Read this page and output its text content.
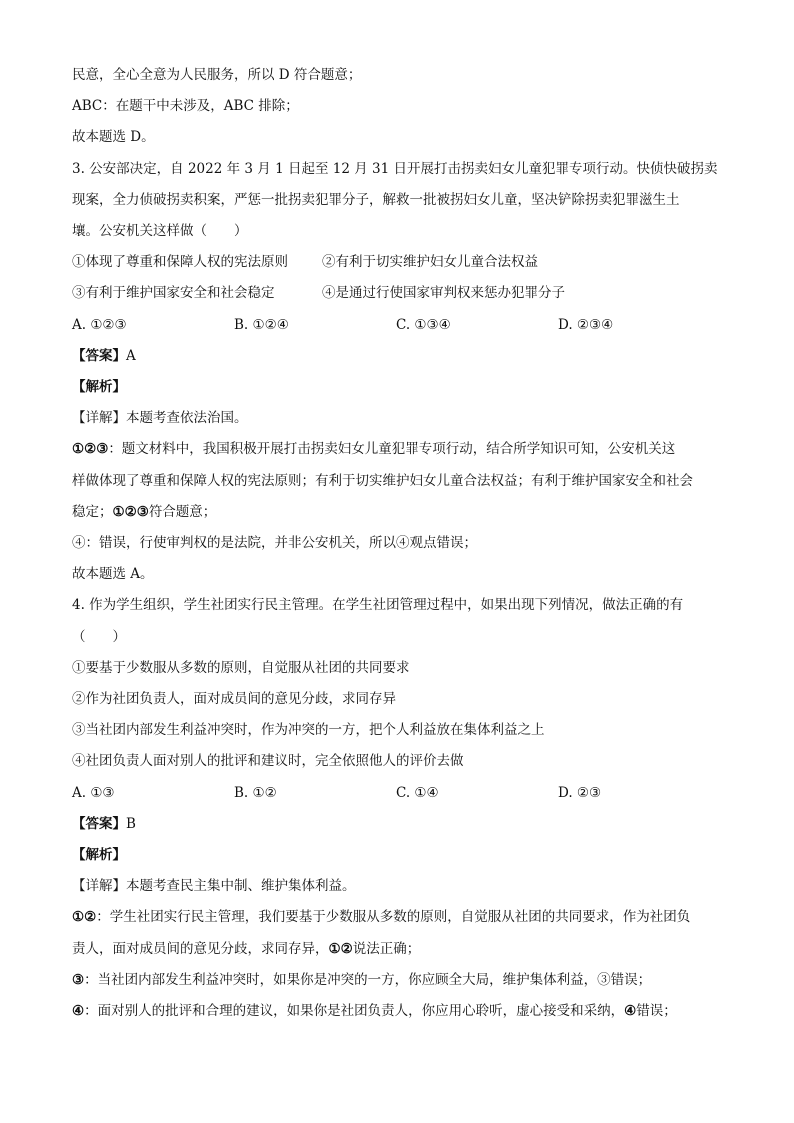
民意，全心全意为人民服务，所以 D 符合题意；
ABC：在题干中未涉及，ABC 排除；
故本题选 D。
3. 公安部决定，自 2022 年 3 月 1 日起至 12 月 31 日开展打击拐卖妇女儿童犯罪专项行动。快侦快破拐卖
现案，全力侦破拐卖积案，严惩一批拐卖犯罪分子，解救一批被拐妇女儿童，坚决铲除拐卖犯罪滋生土
壤。公安机关这样做（　　）
①体现了尊重和保障人权的宪法原则	②有利于切实维护妇女儿童合法权益
③有利于维护国家安全和社会稳定	④是通过行使国家审判权来惩办犯罪分子
A. ①②③	B. ①②④	C. ①③④	D. ②③④
【答案】A
【解析】
【详解】本题考查依法治国。
①②③：题文材料中，我国积极开展打击拐卖妇女儿童犯罪专项行动，结合所学知识可知，公安机关这
样做体现了尊重和保障人权的宪法原则；有利于切实维护妇女儿童合法权益；有利于维护国家安全和社会
稳定；①②③符合题意；
④：错误，行使审判权的是法院，并非公安机关，所以④观点错误；
故本题选 A。
4. 作为学生组织，学生社团实行民主管理。在学生社团管理过程中，如果出现下列情况，做法正确的有
（　　）
①要基于少数服从多数的原则，自觉服从社团的共同要求
②作为社团负责人，面对成员间的意见分歧，求同存异
③当社团内部发生利益冲突时，作为冲突的一方，把个人利益放在集体利益之上
④社团负责人面对别人的批评和建议时，完全依照他人的评价去做
A. ①③	B. ①②	C. ①④	D. ②③
【答案】B
【解析】
【详解】本题考查民主集中制、维护集体利益。
①②：学生社团实行民主管理，我们要基于少数服从多数的原则，自觉服从社团的共同要求，作为社团负
责人，面对成员间的意见分歧，求同存异，①②说法正确；
③：当社团内部发生利益冲突时，如果你是冲突的一方，你应顾全大局，维护集体利益，③错误；
④：面对别人的批评和合理的建议，如果你是社团负责人，你应用心聆听，虚心接受和采纳，④错误；
